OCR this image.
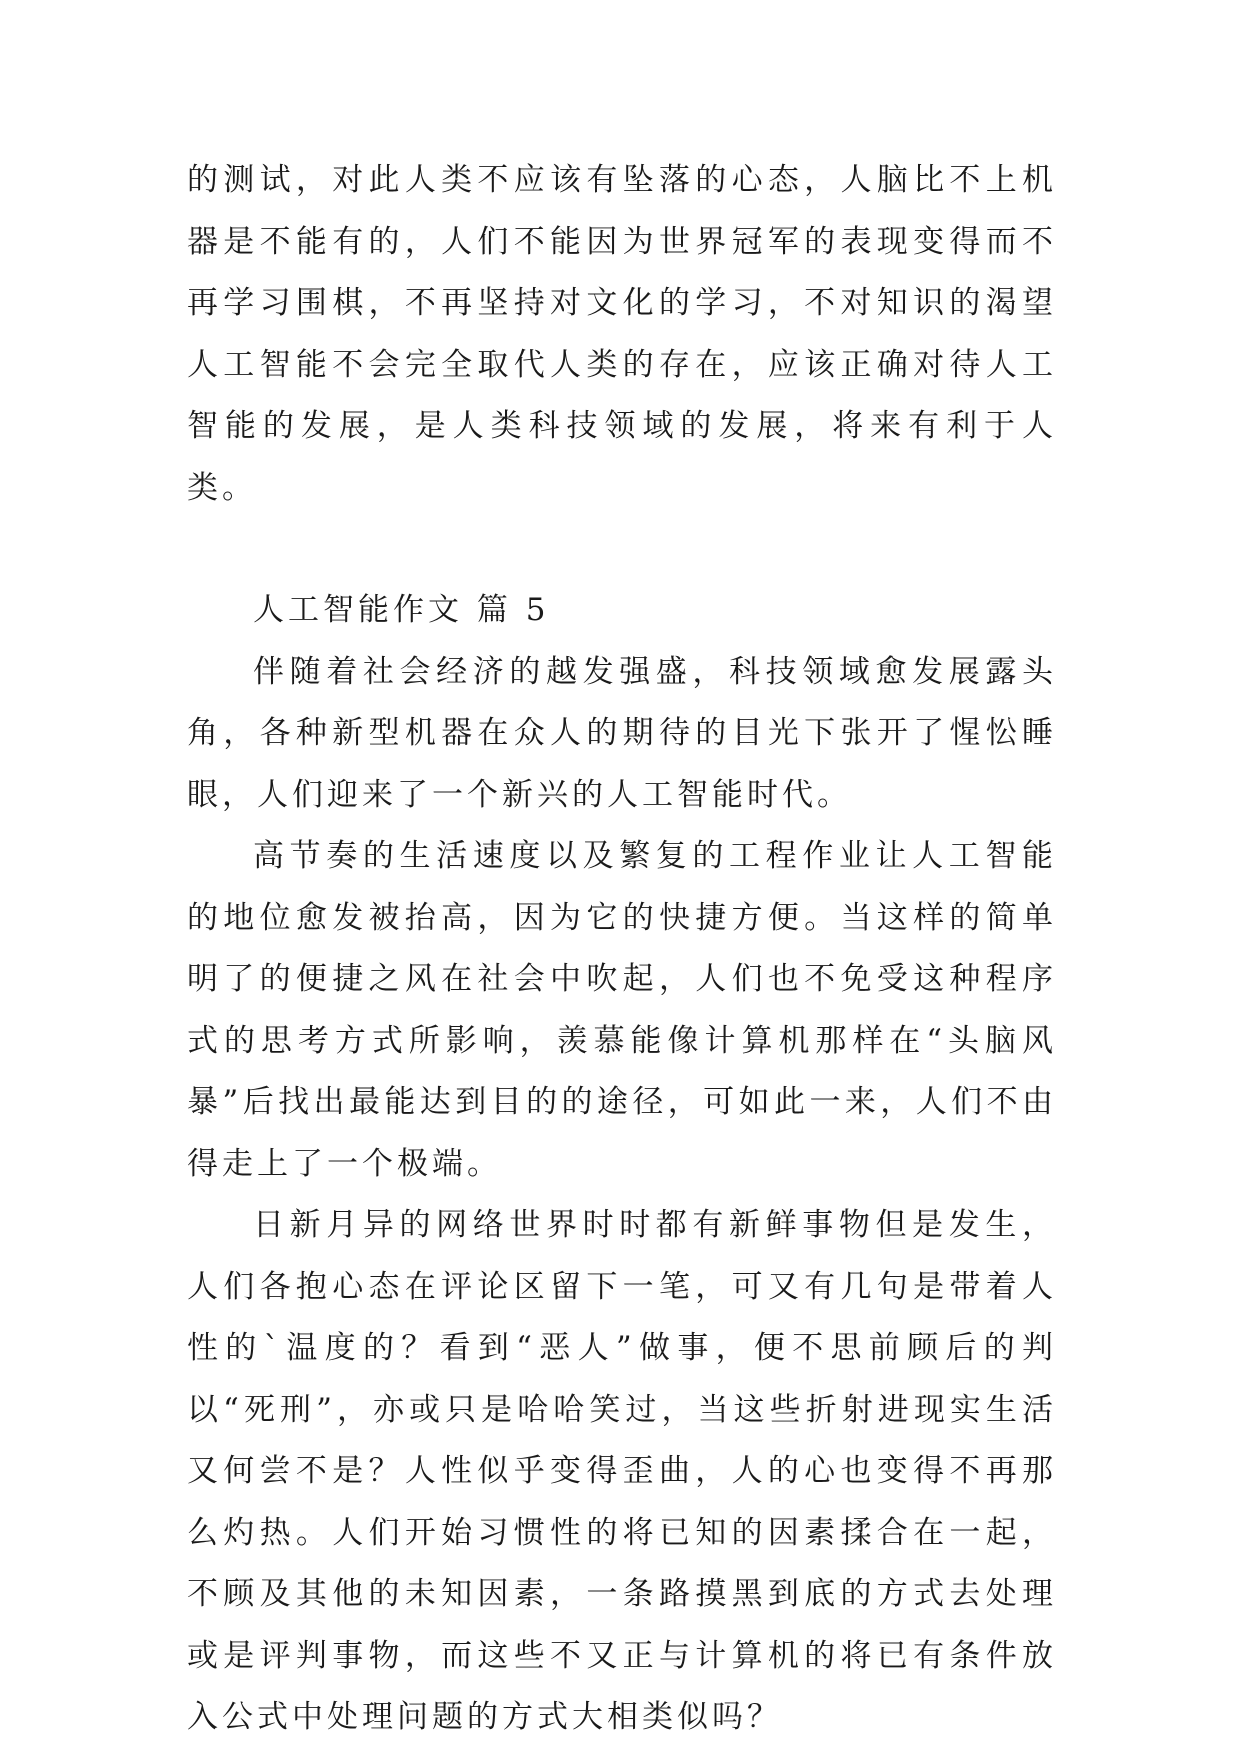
的测试，对此人类不应该有坠落的心态，人脑比不上机器是不能有的，人们不能因为世界冠军的表现变得而不再学习围棋，不再坚持对文化的学习，不对知识的渴望人工智能不会完全取代人类的存在，应该正确对待人工智能的发展，是人类科技领域的发展，将来有利于人类。

人工智能作文 篇 5

伴随着社会经济的越发强盛，科技领域愈发展露头角，各种新型机器在众人的期待的目光下张开了惺忪睡眼，人们迎来了一个新兴的人工智能时代。

高节奏的生活速度以及繁复的工程作业让人工智能的地位愈发被抬高，因为它的快捷方便。当这样的简单明了的便捷之风在社会中吹起，人们也不免受这种程序式的思考方式所影响，羡慕能像计算机那样在“头脑风暴”后找出最能达到目的的途径，可如此一来，人们不由得走上了一个极端。

日新月异的网络世界时时都有新鲜事物但是发生，人们各抱心态在评论区留下一笔，可又有几句是带着人性的`温度的？看到“恶人”做事，便不思前顾后的判以“死刑”，亦或只是哈哈笑过，当这些折射进现实生活又何尝不是？人性似乎变得歪曲，人的心也变得不再那么灼热。人们开始习惯性的将已知的因素揉合在一起，不顾及其他的未知因素，一条路摸黑到底的方式去处理或是评判事物，而这些不又正与计算机的将已有条件放入公式中处理问题的方式大相类似吗？
